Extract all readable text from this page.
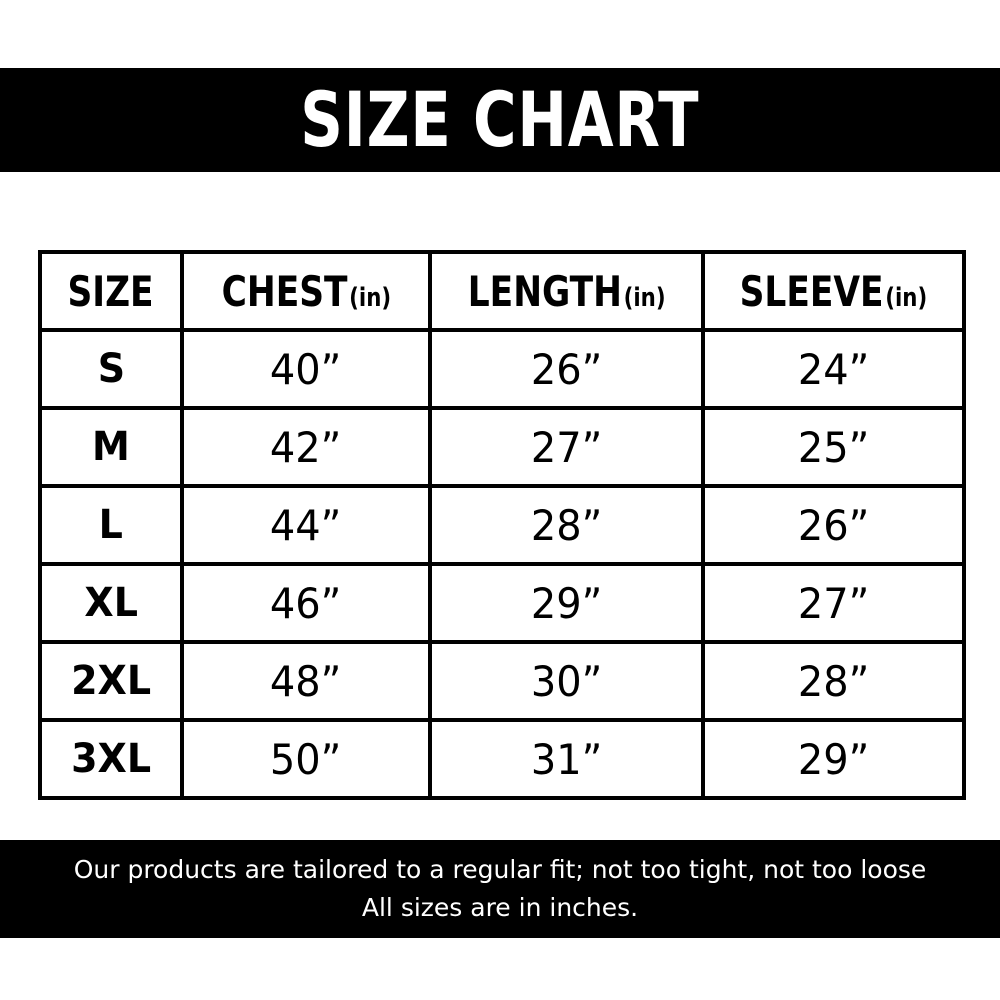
SIZE CHART
SIZE	CHEST (in)	LENGTH (in)	SLEEVE (in)

S	40”	26”	24”
M	42”	27”	25”
L	44”	28”	26”
XL	46”	29”	27”
2XL	48”	30”	28”
3XL	50”	31”	29”
Our products are tailored to a regular fit; not too tight, not too loose
All sizes are in inches.
